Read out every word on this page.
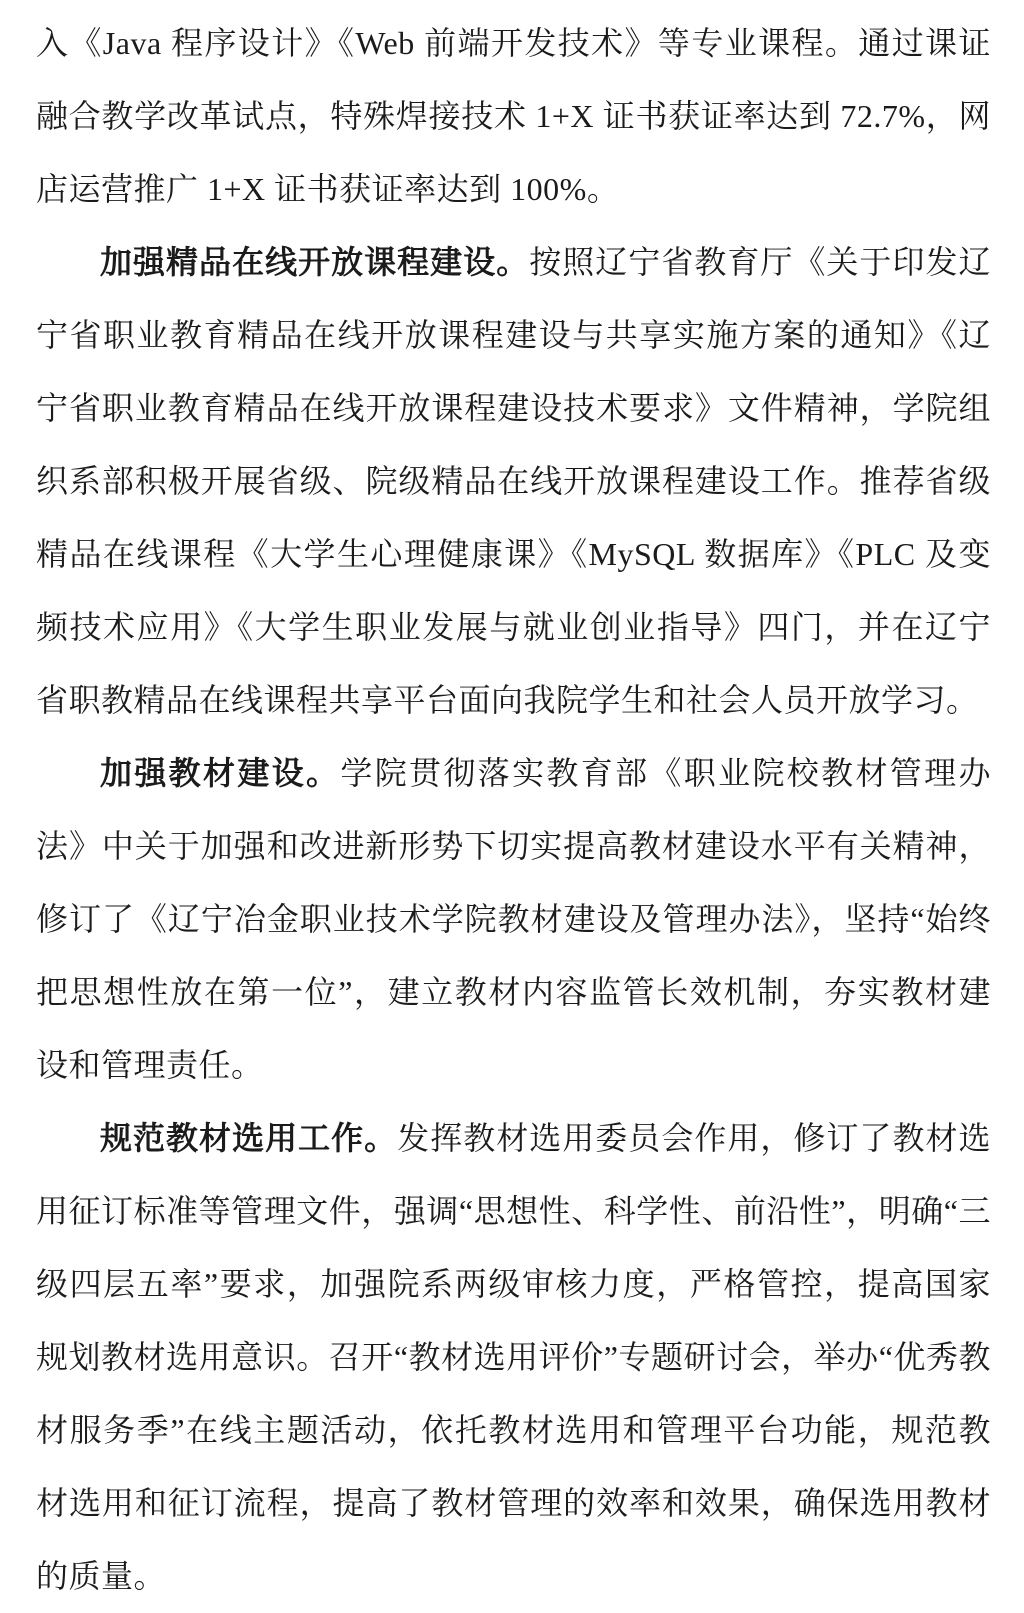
入《Java 程序设计》《Web 前端开发技术》等专业课程。通过课证融合教学改革试点，特殊焊接技术 1+X 证书获证率达到 72.7%，网店运营推广 1+X 证书获证率达到 100%。

加强精品在线开放课程建设。按照辽宁省教育厅《关于印发辽宁省职业教育精品在线开放课程建设与共享实施方案的通知》《辽宁省职业教育精品在线开放课程建设技术要求》文件精神，学院组织系部积极开展省级、院级精品在线开放课程建设工作。推荐省级精品在线课程《大学生心理健康课》《MySQL 数据库》《PLC 及变频技术应用》《大学生职业发展与就业创业指导》四门，并在辽宁省职教精品在线课程共享平台面向我院学生和社会人员开放学习。

加强教材建设。学院贯彻落实教育部《职业院校教材管理办法》中关于加强和改进新形势下切实提高教材建设水平有关精神，修订了《辽宁冶金职业技术学院教材建设及管理办法》，坚持“始终把思想性放在第一位”，建立教材内容监管长效机制，夯实教材建设和管理责任。

规范教材选用工作。发挥教材选用委员会作用，修订了教材选用征订标准等管理文件，强调“思想性、科学性、前沿性”，明确“三级四层五率”要求，加强院系两级审核力度，严格管控，提高国家规划教材选用意识。召开“教材选用评价”专题研讨会，举办“优秀教材服务季”在线主题活动，依托教材选用和管理平台功能，规范教材选用和征订流程，提高了教材管理的效率和效果，确保选用教材的质量。
